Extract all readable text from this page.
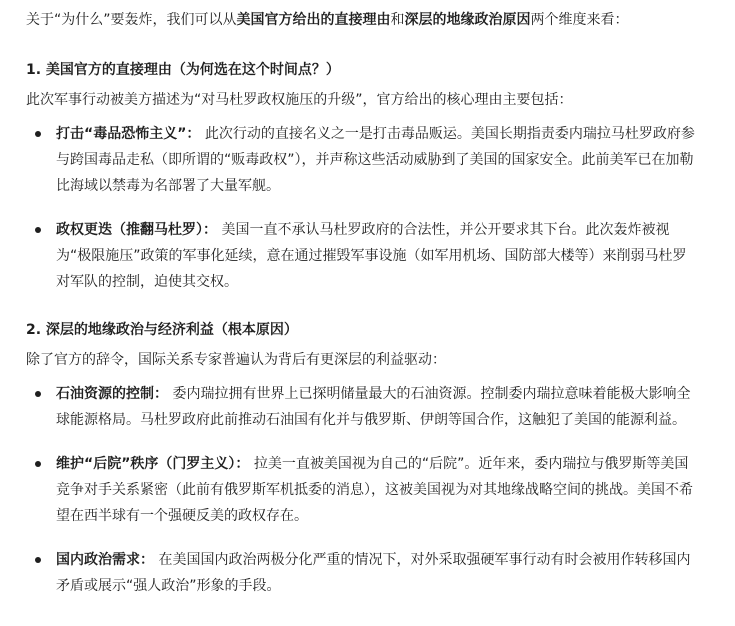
关于“为什么”要轰炸，我们可以从美国官方给出的直接理由和深层的地缘政治原因两个维度来看：

1. 美国官方的直接理由（为何选在这个时间点？）
此次军事行动被美方描述为“对马杜罗政权施压的升级”，官方给出的核心理由主要包括：
打击“毒品恐怖主义”： 此次行动的直接名义之一是打击毒品贩运。美国长期指责委内瑞拉马杜罗政府参与跨国毒品走私（即所谓的“贩毒政权”），并声称这些活动威胁到了美国的国家安全。此前美军已在加勒比海域以禁毒为名部署了大量军舰。
政权更迭（推翻马杜罗）： 美国一直不承认马杜罗政府的合法性，并公开要求其下台。此次轰炸被视为“极限施压”政策的军事化延续，意在通过摧毁军事设施（如军用机场、国防部大楼等）来削弱马杜罗对军队的控制，迫使其交权。
2. 深层的地缘政治与经济利益（根本原因）
除了官方的辞令，国际关系专家普遍认为背后有更深层的利益驱动：
石油资源的控制： 委内瑞拉拥有世界上已探明储量最大的石油资源。控制委内瑞拉意味着能极大影响全球能源格局。马杜罗政府此前推动石油国有化并与俄罗斯、伊朗等国合作，这触犯了美国的能源利益。
维护“后院”秩序（门罗主义）： 拉美一直被美国视为自己的“后院”。近年来，委内瑞拉与俄罗斯等美国竞争对手关系紧密（此前有俄罗斯军机抵委的消息），这被美国视为对其地缘战略空间的挑战。美国不希望在西半球有一个强硬反美的政权存在。
国内政治需求： 在美国国内政治两极分化严重的情况下，对外采取强硬军事行动有时会被用作转移国内矛盾或展示“强人政治”形象的手段。
